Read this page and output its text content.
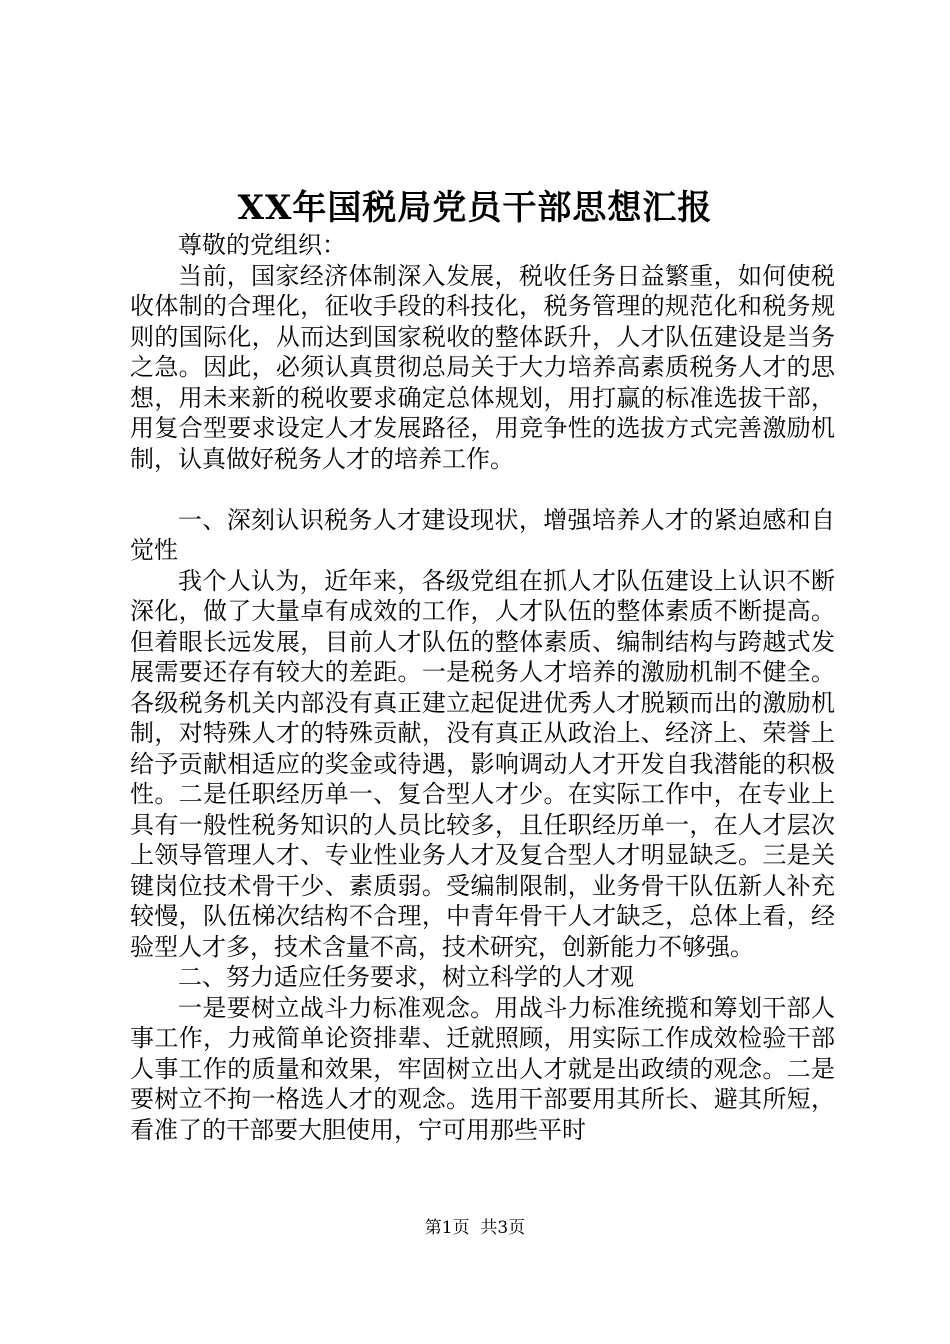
XX年国税局党员干部思想汇报

尊敬的党组织：

当前，国家经济体制深入发展，税收任务日益繁重，如何使税收体制的合理化，征收手段的科技化，税务管理的规范化和税务规则的国际化，从而达到国家税收的整体跃升，人才队伍建设是当务之急。因此，必须认真贯彻总局关于大力培养高素质税务人才的思想，用未来新的税收要求确定总体规划，用打赢的标准选拔干部，用复合型要求设定人才发展路径，用竞争性的选拔方式完善激励机制，认真做好税务人才的培养工作。

一、深刻认识税务人才建设现状，增强培养人才的紧迫感和自觉性

我个人认为，近年来，各级党组在抓人才队伍建设上认识不断深化，做了大量卓有成效的工作，人才队伍的整体素质不断提高。但着眼长远发展，目前人才队伍的整体素质、编制结构与跨越式发展需要还存有较大的差距。一是税务人才培养的激励机制不健全。各级税务机关内部没有真正建立起促进优秀人才脱颖而出的激励机制，对特殊人才的特殊贡献，没有真正从政治上、经济上、荣誉上给予贡献相适应的奖金或待遇，影响调动人才开发自我潜能的积极性。二是任职经历单一、复合型人才少。在实际工作中，在专业上具有一般性税务知识的人员比较多，且任职经历单一，在人才层次上领导管理人才、专业性业务人才及复合型人才明显缺乏。三是关键岗位技术骨干少、素质弱。受编制限制，业务骨干队伍新人补充较慢，队伍梯次结构不合理，中青年骨干人才缺乏，总体上看，经验型人才多，技术含量不高，技术研究，创新能力不够强。

二、努力适应任务要求，树立科学的人才观

一是要树立战斗力标准观念。用战斗力标准统揽和筹划干部人事工作，力戒简单论资排辈、迁就照顾，用实际工作成效检验干部人事工作的质量和效果，牢固树立出人才就是出政绩的观念。二是要树立不拘一格选人才的观念。选用干部要用其所长、避其所短，看准了的干部要大胆使用，宁可用那些平时

第1页 共3页
